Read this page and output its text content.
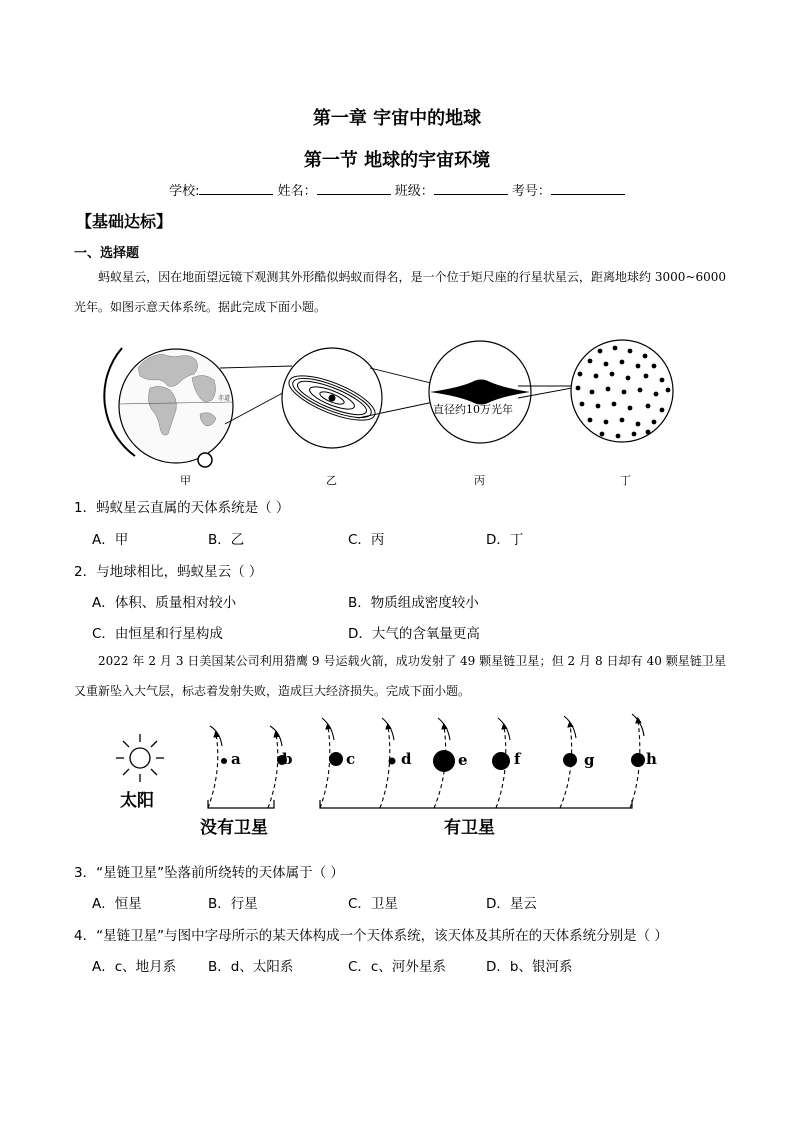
第一章 宇宙中的地球
第一节 地球的宇宙环境
学校:	姓名：	班级：	考号：
【基础达标】
一、选择题
蚂蚁星云，因在地面望远镜下观测其外形酷似蚂蚁而得名，是一个位于矩尺座的行星状星云，距离地球约 3000~6000 光年。如图示意天体系统。据此完成下面小题。
赤道
直径约10万光年
甲	乙	丙	丁
1．蚂蚁星云直属的天体系统是（ ）
A．甲	B．乙	C．丙	D．丁
2．与地球相比，蚂蚁星云（ ）
A．体积、质量相对较小	B．物质组成密度较小
C．由恒星和行星构成	D．大气的含氧量更高
2022 年 2 月 3 日美国某公司利用猎鹰 9 号运载火箭，成功发射了 49 颗星链卫星；但 2 月 8 日却有 40 颗星链卫星又重新坠入大气层，标志着发射失败，造成巨大经济损失。完成下面小题。
太阳
a	b	c	d	e	f	g	h
没有卫星	有卫星
3．“星链卫星”坠落前所绕转的天体属于（ ）
A．恒星	B．行星	C．卫星	D．星云
4．“星链卫星”与图中字母所示的某天体构成一个天体系统，该天体及其所在的天体系统分别是（ ）
A．c、地月系 B．d、太阳系	C．c、河外星系	D．b、银河系
